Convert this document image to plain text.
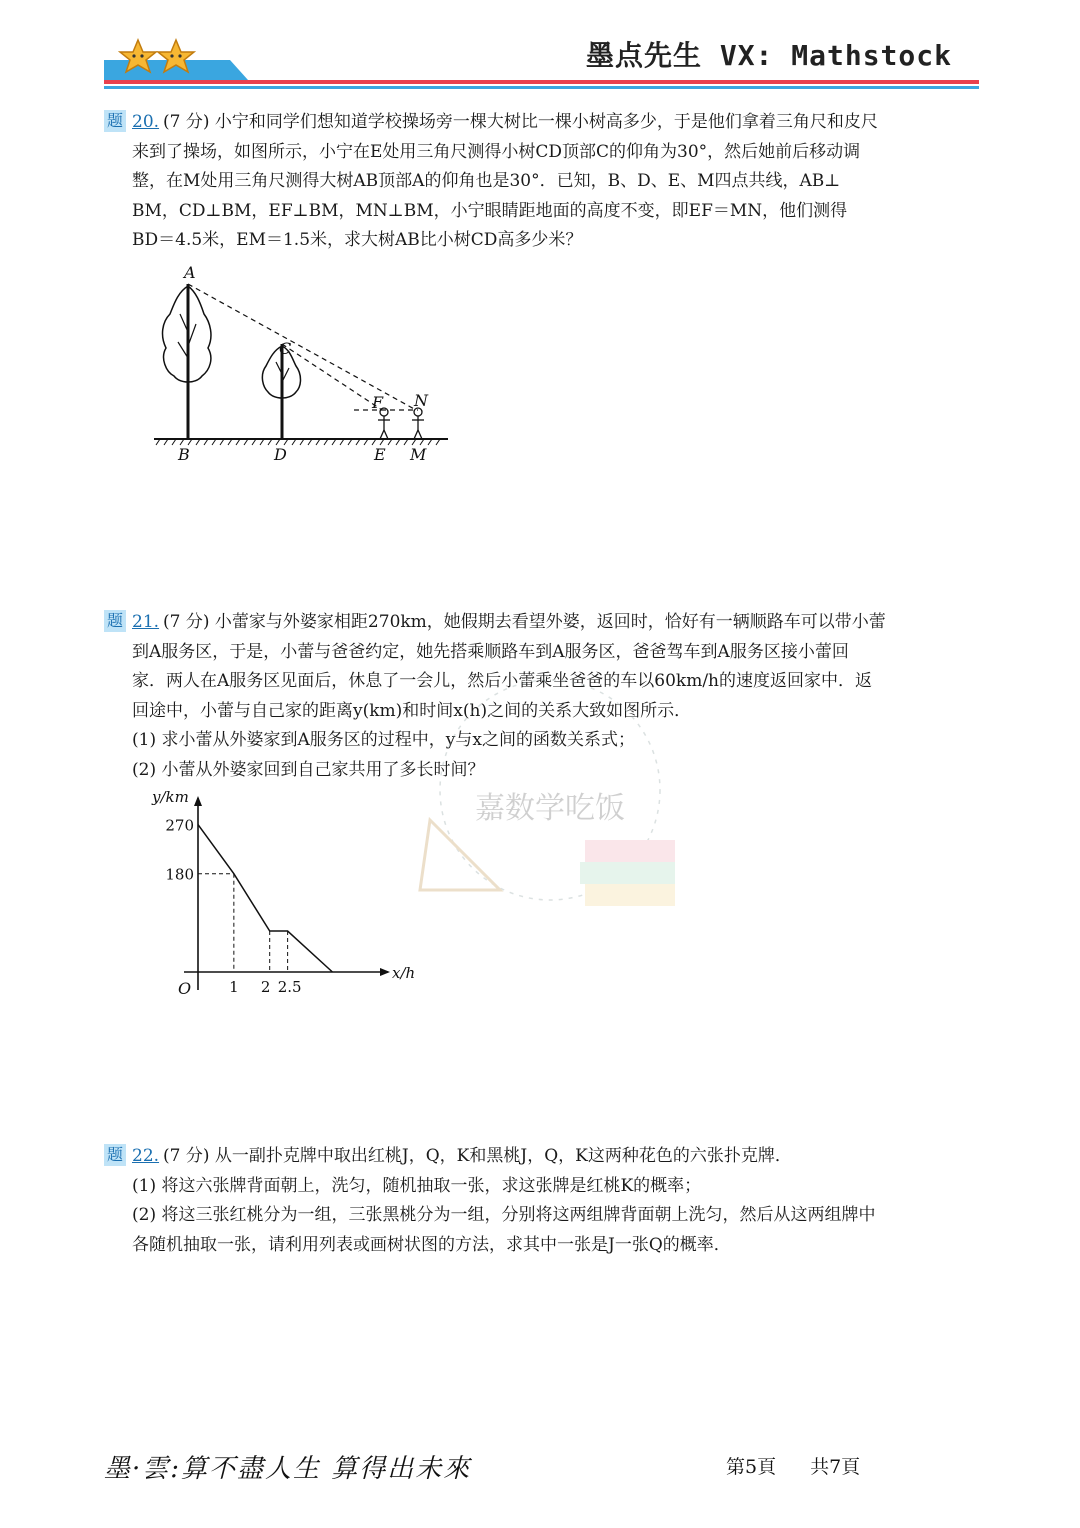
墨点先生 VX: Mathstock

题 20. (7 分) 小宁和同学们想知道学校操场旁一棵大树比一棵小树高多少，于是他们拿着三角尺和皮尺

来到了操场，如图所示，小宁在E处用三角尺测得小树CD顶部C的仰角为30°，然后她前后移动调

整，在M处用三角尺测得大树AB顶部A的仰角也是30°．已知，B、D、E、M四点共线，AB⊥

BM，CD⊥BM，EF⊥BM，MN⊥BM，小宁眼睛距地面的高度不变，即EF＝MN，他们测得

BD＝4.5米，EM＝1.5米，求大树AB比小树CD高多少米？

A
C
F N
B	D	E M

题 21. (7 分) 小蕾家与外婆家相距270km，她假期去看望外婆，返回时，恰好有一辆顺路车可以带小蕾

到A服务区，于是，小蕾与爸爸约定，她先搭乘顺路车到A服务区，爸爸驾车到A服务区接小蕾回

家．两人在A服务区见面后，休息了一会儿，然后小蕾乘坐爸爸的车以60km/h的速度返回家中．返

回途中，小蕾与自己家的距离y(km)和时间x(h)之间的关系大致如图所示．

(1) 求小蕾从外婆家到A服务区的过程中，y与x之间的函数关系式；

(2) 小蕾从外婆家回到自己家共用了多长时间？

嘉数学吃饭
y/km
x/h
O
270
180
1 2 2.5

题 22. (7 分) 从一副扑克牌中取出红桃J，Q，K和黑桃J，Q，K这两种花色的六张扑克牌．

(1) 将这六张牌背面朝上，洗匀，随机抽取一张，求这张牌是红桃K的概率；

(2) 将这三张红桃分为一组，三张黑桃分为一组，分别将这两组牌背面朝上洗匀，然后从这两组牌中

各随机抽取一张，请利用列表或画树状图的方法，求其中一张是J一张Q的概率．

墨·雲:算不盡人生 算得出未來	第5頁 共7頁
